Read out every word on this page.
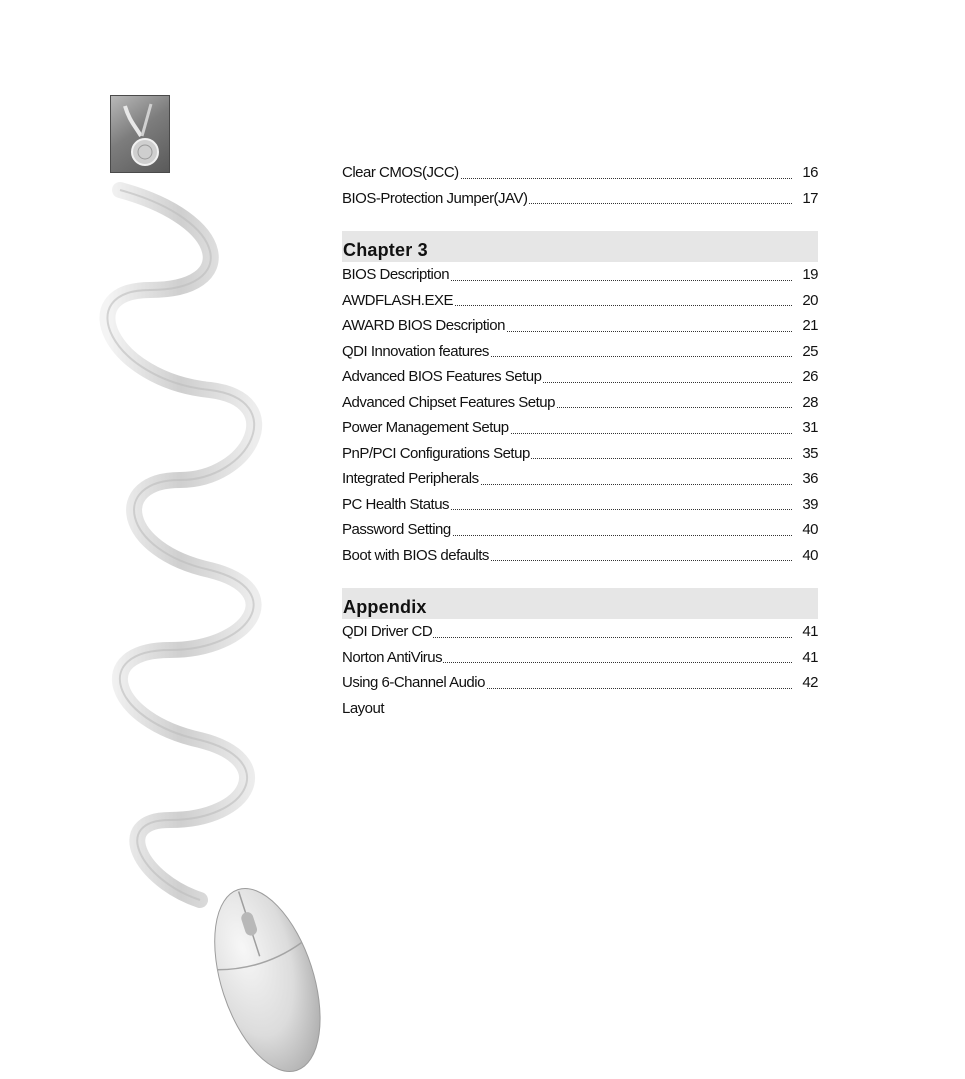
Clear CMOS(JCC)	16
BIOS-Protection Jumper(JAV)	17
Chapter 3
BIOS Description	19
AWDFLASH.EXE	20
AWARD BIOS Description	21
QDI Innovation features	25
Advanced BIOS Features Setup	26
Advanced Chipset Features Setup	28
Power Management Setup	31
PnP/PCI Configurations Setup	35
Integrated Peripherals	36
PC Health Status	39
Password Setting	40
Boot with BIOS defaults	40
Appendix
QDI Driver CD	41
Norton AntiVirus	41
Using 6-Channel Audio	42
Layout
